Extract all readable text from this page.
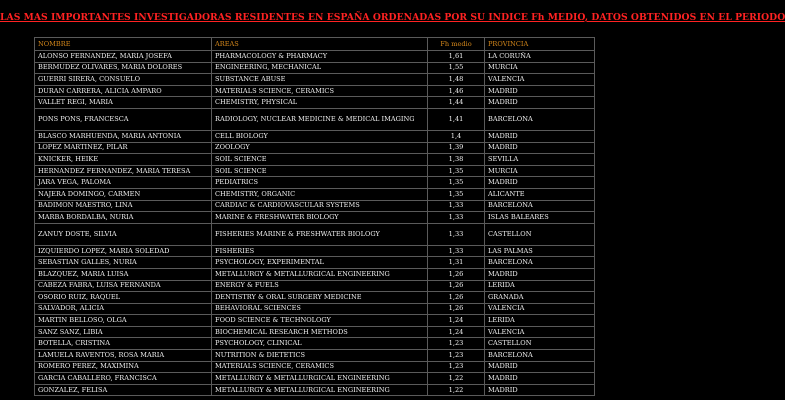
LAS MAS IMPORTANTES INVESTIGADORAS RESIDENTES EN ESPAÑA ORDENADAS POR SU INDICE Fh MEDIO, DATOS OBTENIDOS EN EL PERIODO
NOMBRE	AREAS	Fh medio	PROVINCIA
ALONSO FERNANDEZ, MARIA JOSEFA	PHARMACOLOGY & PHARMACY	1,61	LA CORUÑA
BERMUDEZ OLIVARES, MARIA DOLORES	ENGINEERING, MECHANICAL	1,55	MURCIA
GUERRI SIRERA, CONSUELO	SUBSTANCE ABUSE	1,48	VALENCIA
DURAN CARRERA, ALICIA AMPARO	MATERIALS SCIENCE, CERAMICS	1,46	MADRID
VALLET REGI, MARIA	CHEMISTRY, PHYSICAL	1,44	MADRID
PONS PONS, FRANCESCA	RADIOLOGY, NUCLEAR MEDICINE & MEDICAL IMAGING	1,41	BARCELONA
BLASCO MARHUENDA, MARIA ANTONIA	CELL BIOLOGY	1,4	MADRID
LOPEZ MARTINEZ, PILAR	ZOOLOGY	1,39	MADRID
KNICKER, HEIKE	SOIL SCIENCE	1,38	SEVILLA
HERNANDEZ FERNANDEZ, MARIA TERESA	SOIL SCIENCE	1,35	MURCIA
JARA VEGA, PALOMA	PEDIATRICS	1,35	MADRID
NAJERA DOMINGO, CARMEN	CHEMISTRY, ORGANIC	1,35	ALICANTE
BADIMON MAESTRO, LINA	CARDIAC & CARDIOVASCULAR SYSTEMS	1,33	BARCELONA
MARBA BORDALBA, NURIA	MARINE & FRESHWATER BIOLOGY	1,33	ISLAS BALEARES
ZANUY DOSTE, SILVIA	FISHERIES MARINE & FRESHWATER BIOLOGY	1,33	CASTELLON
IZQUIERDO LOPEZ, MARIA SOLEDAD	FISHERIES	1,33	LAS PALMAS
SEBASTIAN GALLES, NURIA	PSYCHOLOGY, EXPERIMENTAL	1,31	BARCELONA
BLAZQUEZ, MARIA LUISA	METALLURGY & METALLURGICAL ENGINEERING	1,26	MADRID
CABEZA FABRA, LUISA FERNANDA	ENERGY & FUELS	1,26	LERIDA
OSORIO RUIZ, RAQUEL	DENTISTRY & ORAL SURGERY MEDICINE	1,26	GRANADA
SALVADOR, ALICIA	BEHAVIORAL SCIENCES	1,26	VALENCIA
MARTIN BELLOSO, OLGA	FOOD SCIENCE & TECHNOLOGY	1,24	LERIDA
SANZ SANZ, LIBIA	BIOCHEMICAL RESEARCH METHODS	1,24	VALENCIA
BOTELLA, CRISTINA	PSYCHOLOGY, CLINICAL	1,23	CASTELLON
LAMUELA RAVENTOS, ROSA MARIA	NUTRITION & DIETETICS	1,23	BARCELONA
ROMERO PEREZ, MAXIMINA	MATERIALS SCIENCE, CERAMICS	1,23	MADRID
GARCIA CABALLERO, FRANCISCA	METALLURGY & METALLURGICAL ENGINEERING	1,22	MADRID
GONZALEZ, FELISA	METALLURGY & METALLURGICAL ENGINEERING	1,22	MADRID
